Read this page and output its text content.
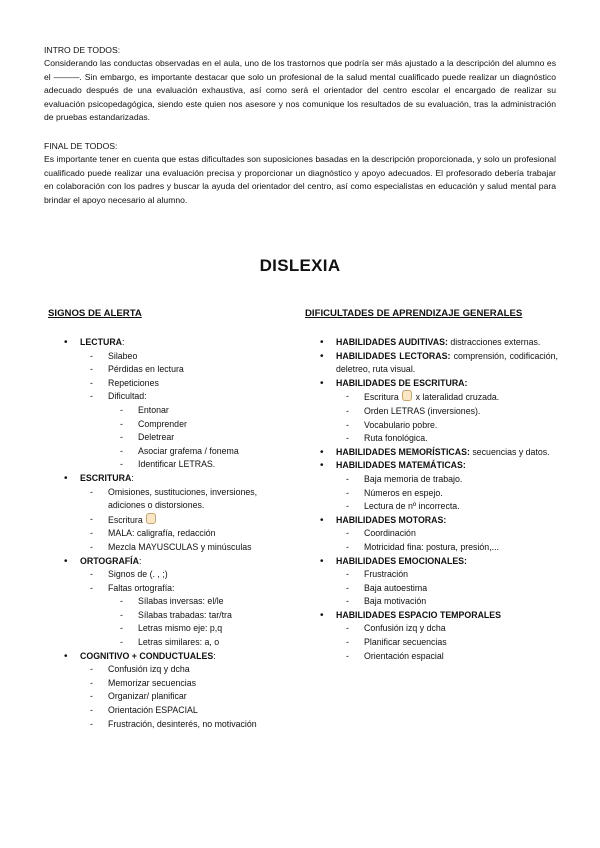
INTRO DE TODOS:

Considerando las conductas observadas en el aula, uno de los trastornos que podría ser más ajustado a la descripción del alumno es el ———. Sin embargo, es importante destacar que solo un profesional de la salud mental cualificado puede realizar un diagnóstico adecuado después de una evaluación exhaustiva, así como será el orientador del centro escolar el encargado de realizar su evaluación psicopedagógica, siendo este quien nos asesore y nos comunique los resultados de su evaluación, tras la administración de pruebas estandarizadas.

FINAL DE TODOS:

Es importante tener en cuenta que estas dificultades son suposiciones basadas en la descripción proporcionada, y solo un profesional cualificado puede realizar una evaluación precisa y proporcionar un diagnóstico y apoyo adecuados. El profesorado debería trabajar en colaboración con los padres y buscar la ayuda del orientador del centro, así como especialistas en educación y salud mental para brindar el apoyo necesario al alumno.

DISLEXIA
SIGNOS DE ALERTA	DIFICULTADES DE APRENDIZAJE GENERALES
• LECTURA:
- Silabeo
- Pérdidas en lectura
- Repeticiones
- Dificultad:
- Entonar
- Comprender
- Deletrear
- Asociar grafema / fonema
- Identificar LETRAS.
• ESCRITURA:
- Omisiones, sustituciones, inversiones, adiciones o distorsiones.
- Escritura
- MALA: caligrafía, redacción
- Mezcla MAYUSCULAS y minúsculas
• ORTOGRAFÍA:
- Signos de (. , ;)
- Faltas ortografía:
- Sílabas inversas: el/le
- Sílabas trabadas: tar/tra
- Letras mismo eje: p,q
- Letras similares: a, o
• COGNITIVO + CONDUCTUALES:
- Confusión izq y dcha
- Memorizar secuencias
- Organizar/ planificar
- Orientación ESPACIAL
- Frustración, desinterés, no motivación
• HABILIDADES AUDITIVAS: distracciones externas.
• HABILIDADES LECTORAS: comprensión, codificación, deletreo, ruta visual.
• HABILIDADES DE ESCRITURA:
- Escritura x lateralidad cruzada.
- Orden LETRAS (inversiones).
- Vocabulario pobre.
- Ruta fonológica.
• HABILIDADES MEMORÍSTICAS: secuencias y datos.
• HABILIDADES MATEMÁTICAS:
- Baja memoria de trabajo.
- Números en espejo.
- Lectura de nº incorrecta.
• HABILIDADES MOTORAS:
- Coordinación
- Motricidad fina: postura, presión,...
• HABILIDADES EMOCIONALES:
- Frustración
- Baja autoestima
- Baja motivación
• HABILIDADES ESPACIO TEMPORALES
- Confusión izq y dcha
- Planificar secuencias
- Orientación espacial
